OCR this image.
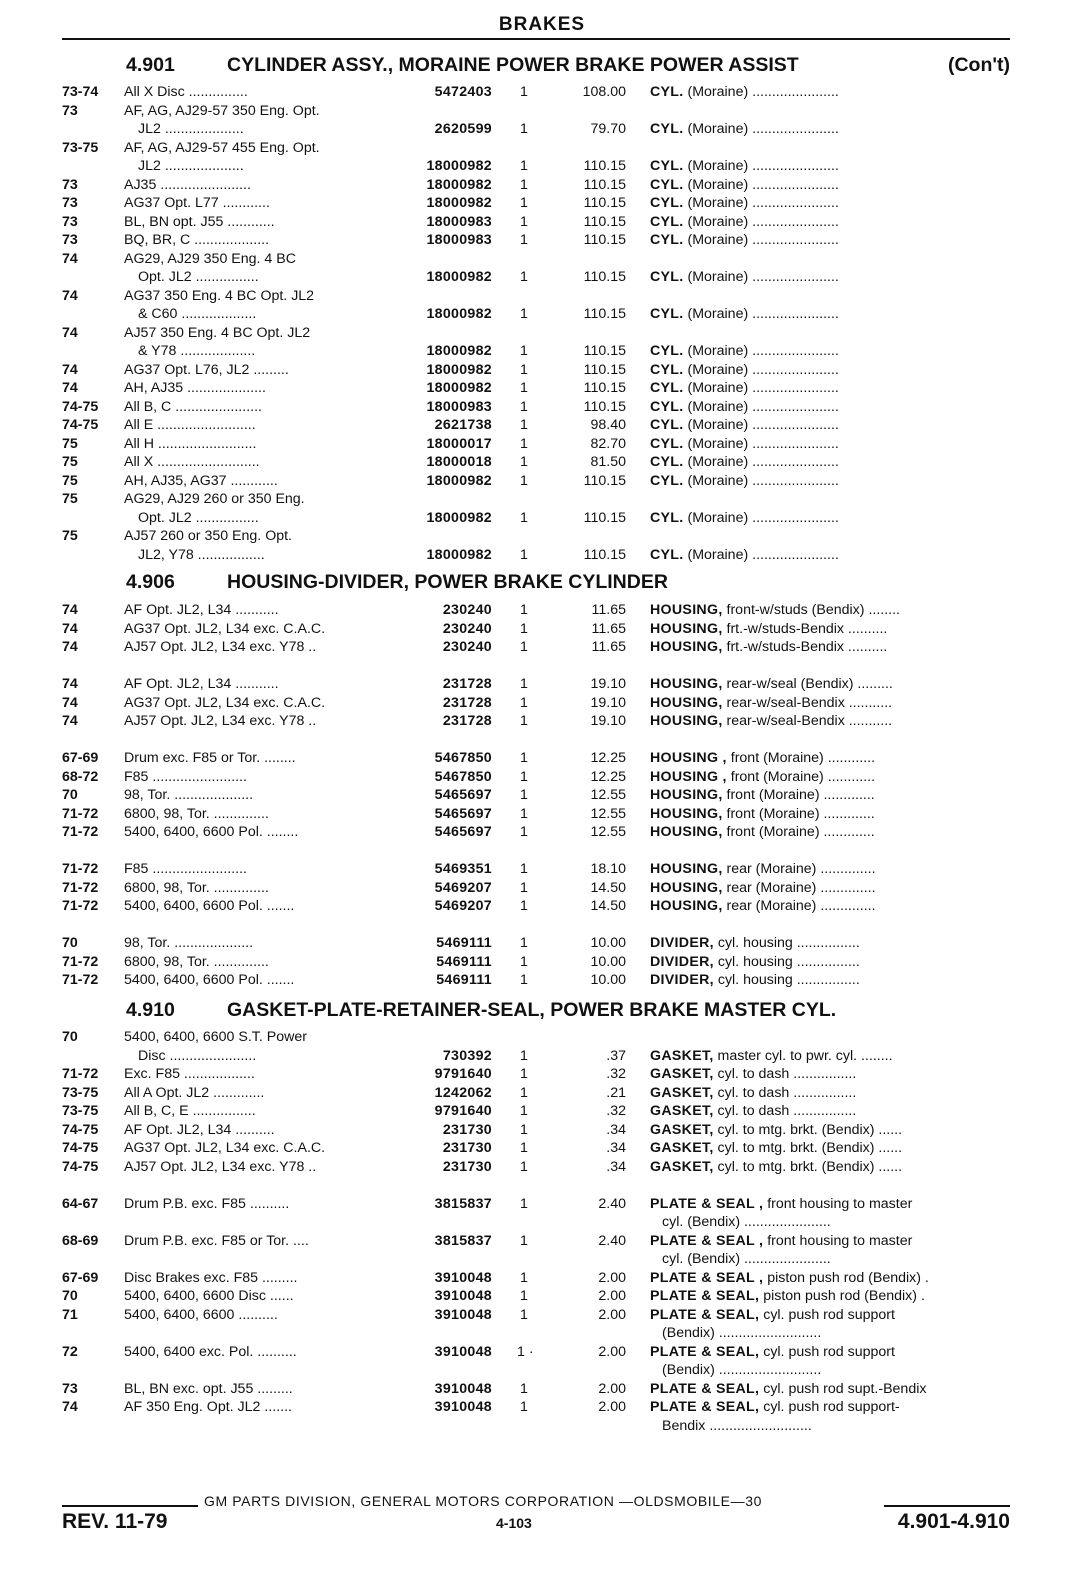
BRAKES
4.901	CYLINDER ASSY., MORAINE POWER BRAKE POWER ASSIST	(Con't)
73-74	All X Disc ...............	5472403 1	108.00 CYL. (Moraine) ......................
73	AF, AG, AJ29-57 350 Eng. Opt.
JL2 ....................	2620599 1	79.70 CYL. (Moraine) ......................
73-75	AF, AG, AJ29-57 455 Eng. Opt.
JL2 ....................	18000982 1	110.15 CYL. (Moraine) ......................
73	AJ35 .......................	18000982 1	110.15 CYL. (Moraine) ......................
73	AG37 Opt. L77 ............	18000982 1	110.15 CYL. (Moraine) ......................
73	BL, BN opt. J55 ............	18000983 1	110.15 CYL. (Moraine) ......................
73	BQ, BR, C ...................	18000983 1	110.15 CYL. (Moraine) ......................
74	AG29, AJ29 350 Eng. 4 BC
Opt. JL2 ................	18000982 1	110.15 CYL. (Moraine) ......................
74	AG37 350 Eng. 4 BC Opt. JL2
& C60 ...................	18000982 1	110.15 CYL. (Moraine) ......................
74	AJ57 350 Eng. 4 BC Opt. JL2
& Y78 ...................	18000982 1	110.15 CYL. (Moraine) ......................
74	AG37 Opt. L76, JL2 .........	18000982 1	110.15 CYL. (Moraine) ......................
74	AH, AJ35 ....................	18000982 1	110.15 CYL. (Moraine) ......................
74-75	All B, C ......................	18000983 1	110.15 CYL. (Moraine) ......................
74-75	All E .........................	2621738 1	98.40 CYL. (Moraine) ......................
75	All H .........................	18000017 1	82.70 CYL. (Moraine) ......................
75	All X ..........................	18000018 1	81.50 CYL. (Moraine) ......................
75	AH, AJ35, AG37 ............	18000982 1	110.15 CYL. (Moraine) ......................
75	AG29, AJ29 260 or 350 Eng.
Opt. JL2 ................	18000982 1	110.15 CYL. (Moraine) ......................
75	AJ57 260 or 350 Eng. Opt.
JL2, Y78 .................	18000982 1	110.15 CYL. (Moraine) ......................
4.906	HOUSING-DIVIDER, POWER BRAKE CYLINDER
74	AF Opt. JL2, L34 ...........	230240 1	11.65 HOUSING, front-w/studs (Bendix) ........
74	AG37 Opt. JL2, L34 exc. C.A.C.	230240 1	11.65 HOUSING, frt.-w/studs-Bendix ..........
74	AJ57 Opt. JL2, L34 exc. Y78 ..	230240 1	11.65 HOUSING, frt.-w/studs-Bendix ..........
74	AF Opt. JL2, L34 ...........	231728 1	19.10 HOUSING, rear-w/seal (Bendix) .........
74	AG37 Opt. JL2, L34 exc. C.A.C.	231728 1	19.10 HOUSING, rear-w/seal-Bendix ...........
74	AJ57 Opt. JL2, L34 exc. Y78 ..	231728 1	19.10 HOUSING, rear-w/seal-Bendix ...........
67-69	Drum exc. F85 or Tor. ........	5467850 1	12.25 HOUSING , front (Moraine) ............
68-72	F85 ........................	5467850 1	12.25 HOUSING , front (Moraine) ............
70	98, Tor. ....................	5465697 1	12.55 HOUSING, front (Moraine) .............
71-72	6800, 98, Tor. ..............	5465697 1	12.55 HOUSING, front (Moraine) .............
71-72	5400, 6400, 6600 Pol. ........	5465697 1	12.55 HOUSING, front (Moraine) .............
71-72	F85 ........................	5469351 1	18.10 HOUSING, rear (Moraine) ..............
71-72	6800, 98, Tor. ..............	5469207 1	14.50 HOUSING, rear (Moraine) ..............
71-72	5400, 6400, 6600 Pol. .......	5469207 1	14.50 HOUSING, rear (Moraine) ..............
70	98, Tor. ....................	5469111 1	10.00 DIVIDER, cyl. housing ................
71-72	6800, 98, Tor. ..............	5469111 1	10.00 DIVIDER, cyl. housing ................
71-72	5400, 6400, 6600 Pol. .......	5469111 1	10.00 DIVIDER, cyl. housing ................
4.910	GASKET-PLATE-RETAINER-SEAL, POWER BRAKE MASTER CYL.
70	5400, 6400, 6600 S.T. Power
Disc ......................	730392 1	.37 GASKET, master cyl. to pwr. cyl. ........
71-72	Exc. F85 ..................	9791640 1	.32 GASKET, cyl. to dash ................
73-75	All A Opt. JL2 .............	1242062 1	.21 GASKET, cyl. to dash ................
73-75	All B, C, E ................	9791640 1	.32 GASKET, cyl. to dash ................
74-75	AF Opt. JL2, L34 ..........	231730 1	.34 GASKET, cyl. to mtg. brkt. (Bendix) ......
74-75	AG37 Opt. JL2, L34 exc. C.A.C.	231730 1	.34 GASKET, cyl. to mtg. brkt. (Bendix) ......
74-75	AJ57 Opt. JL2, L34 exc. Y78 ..	231730 1	.34 GASKET, cyl. to mtg. brkt. (Bendix) ......
64-67	Drum P.B. exc. F85 ..........	3815837 1	2.40 PLATE & SEAL , front housing to master
cyl. (Bendix) ......................
68-69	Drum P.B. exc. F85 or Tor. ....	3815837 1	2.40 PLATE & SEAL , front housing to master
cyl. (Bendix) ......................
67-69	Disc Brakes exc. F85 .........	3910048 1	2.00 PLATE & SEAL , piston push rod (Bendix) .
70	5400, 6400, 6600 Disc ......	3910048 1	2.00 PLATE & SEAL, piston push rod (Bendix) .
71	5400, 6400, 6600 ..........	3910048 1	2.00 PLATE & SEAL, cyl. push rod support
(Bendix) ..........................
72	5400, 6400 exc. Pol. ..........	3910048 1 ·	2.00 PLATE & SEAL, cyl. push rod support
(Bendix) ..........................
73	BL, BN exc. opt. J55 .........	3910048 1	2.00 PLATE & SEAL, cyl. push rod supt.-Bendix
74	AF 350 Eng. Opt. JL2 .......	3910048 1	2.00 PLATE & SEAL, cyl. push rod support-
Bendix ..........................
GM PARTS DIVISION, GENERAL MOTORS CORPORATION —OLDSMOBILE—30
REV. 11-79	4-103	4.901-4.910
